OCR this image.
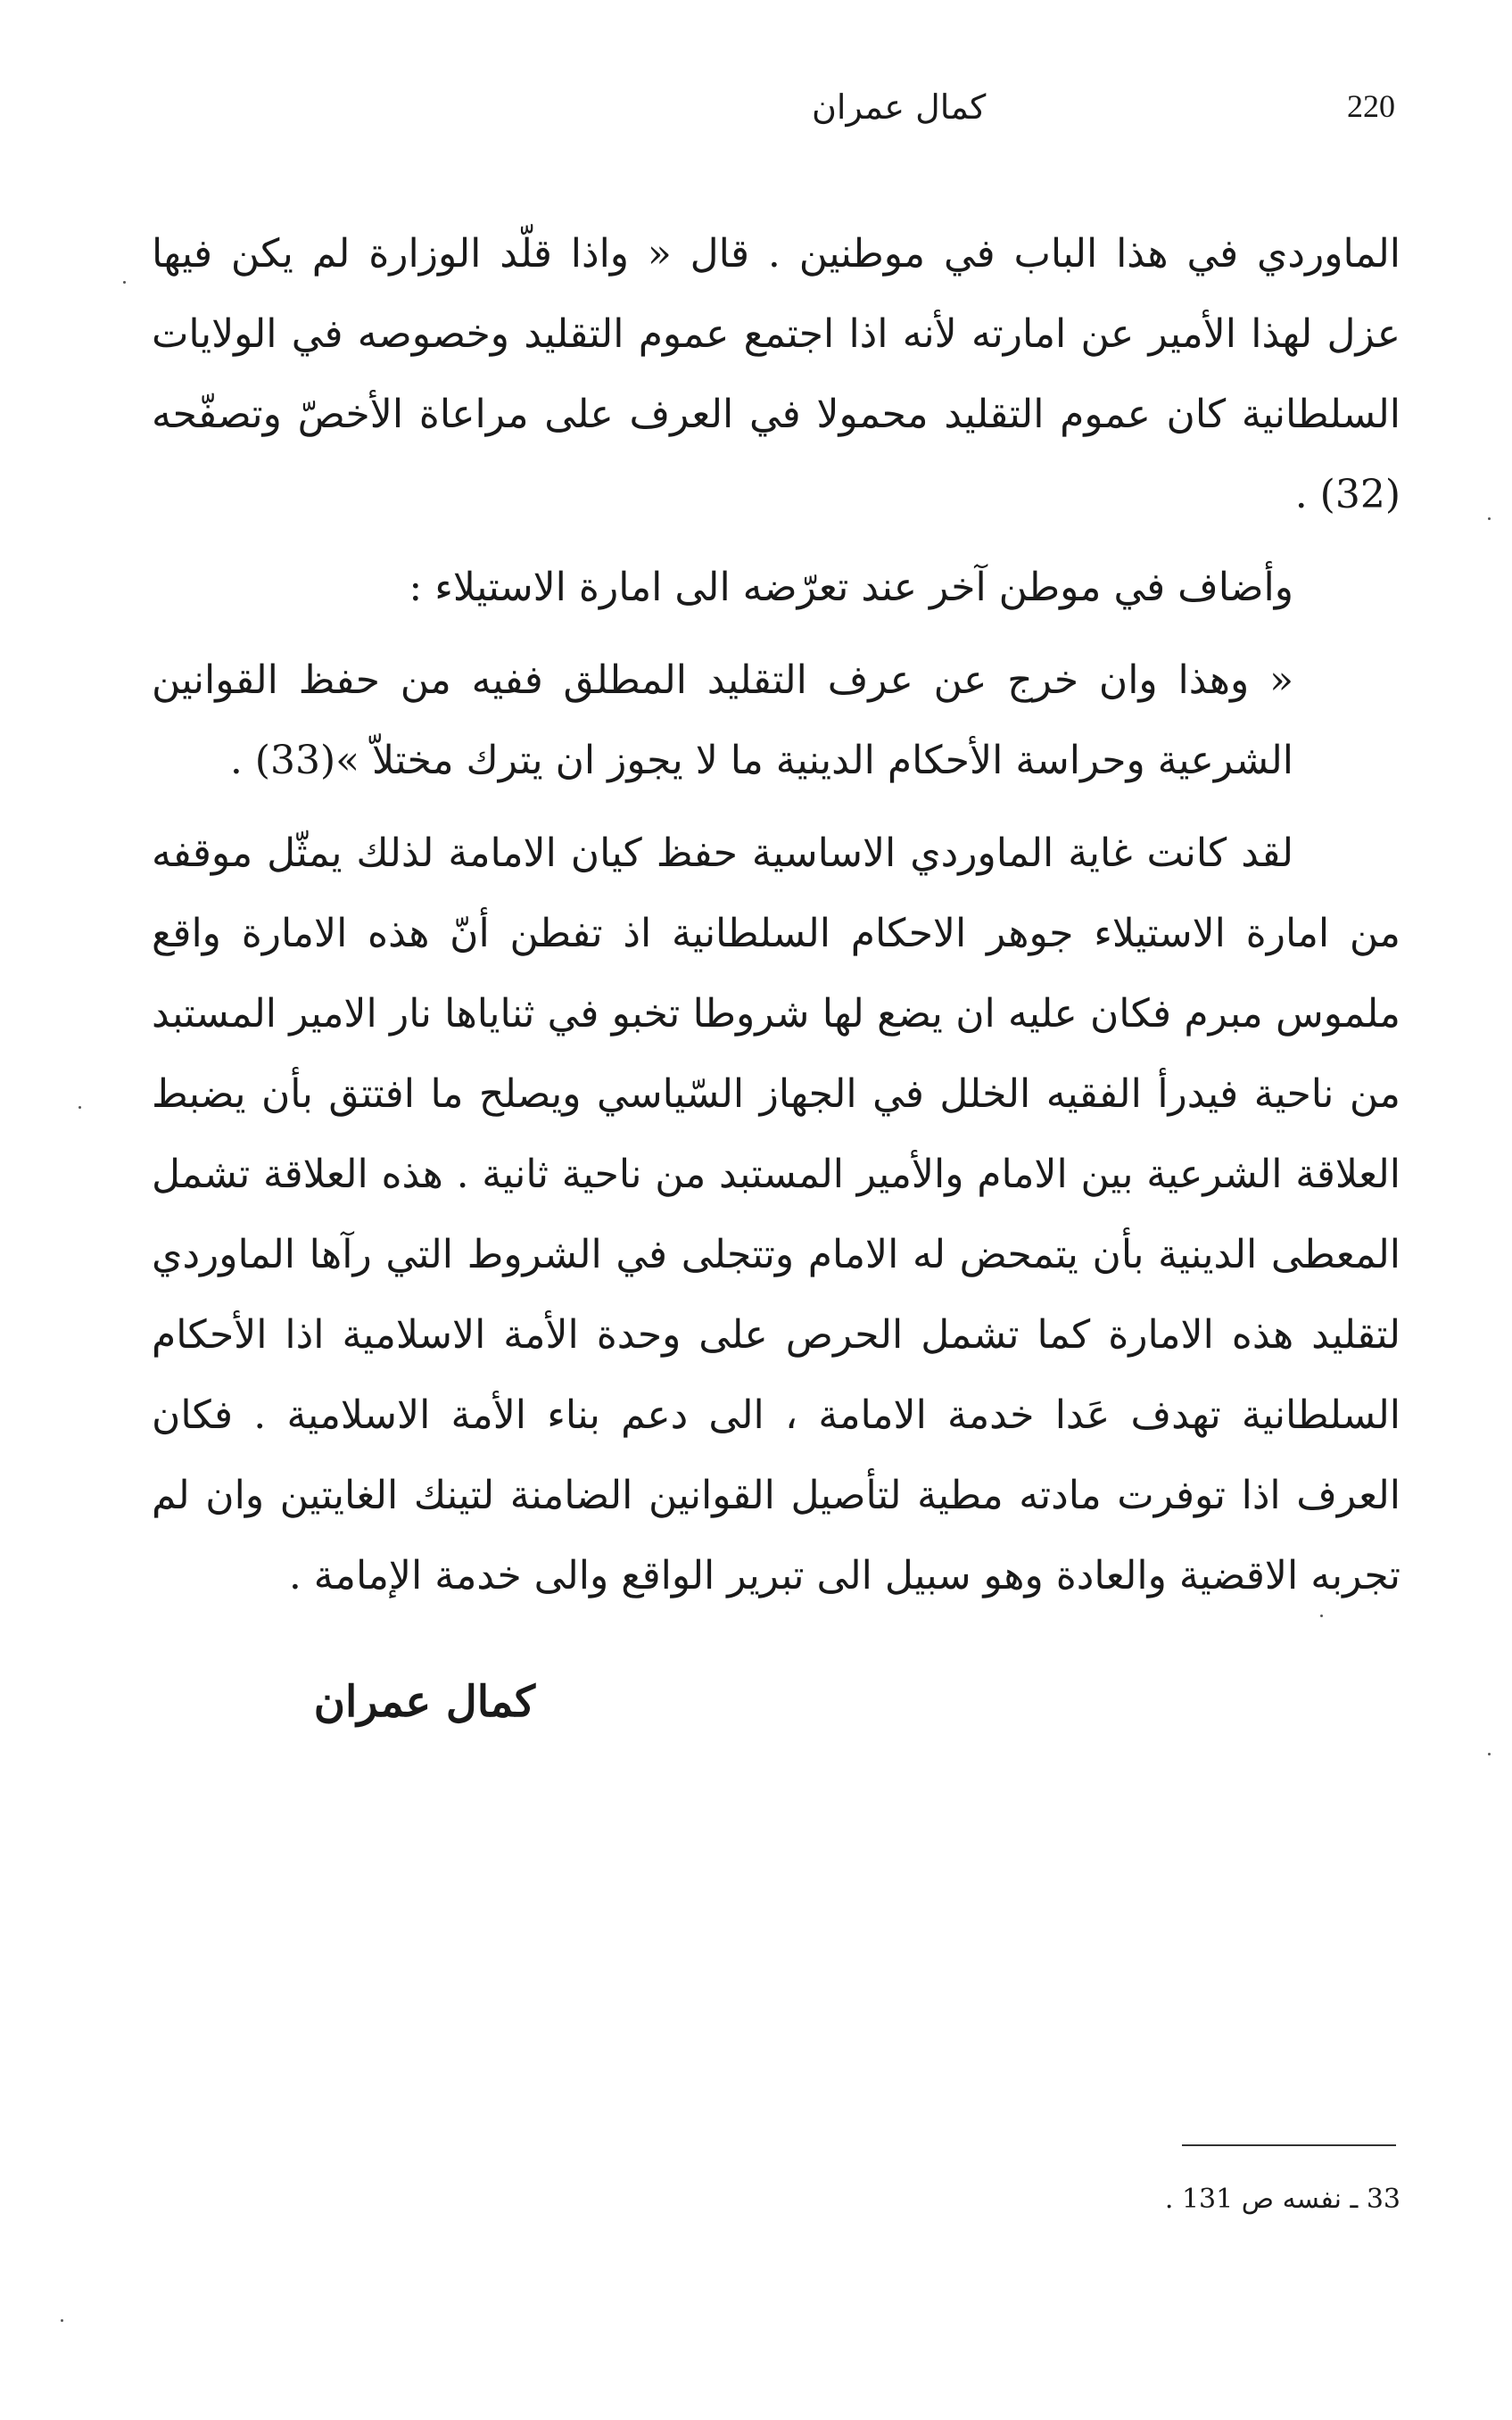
220
كمال عمران

الماوردي في هذا الباب في موطنين . قال « واذا قلّد الوزارة لم يكن فيها عزل لهذا الأمير عن امارته لأنه اذا اجتمع عموم التقليد وخصوصه في الولايات السلطانية كان عموم التقليد محمولا في العرف على مراعاة الأخصّ وتصفّحه (32) .

وأضاف في موطن آخر عند تعرّضه الى امارة الاستيلاء :

« وهذا وان خرج عن عرف التقليد المطلق ففيه من حفظ القوانين الشرعية وحراسة الأحكام الدينية ما لا يجوز ان يترك مختلاّ »(33) .

لقد كانت غاية الماوردي الاساسية حفظ كيان الامامة لذلك يمثّل موقفه من امارة الاستيلاء جوهر الاحكام السلطانية اذ تفطن أنّ هذه الامارة واقع ملموس مبرم فكان عليه ان يضع لها شروطا تخبو في ثناياها نار الامير المستبد من ناحية فيدرأ الفقيه الخلل في الجهاز السّياسي ويصلح ما افتتق بأن يضبط العلاقة الشرعية بين الامام والأمير المستبد من ناحية ثانية . هذه العلاقة تشمل المعطى الدينية بأن يتمحض له الامام وتتجلى في الشروط التي رآها الماوردي لتقليد هذه الامارة كما تشمل الحرص على وحدة الأمة الاسلامية اذا الأحكام السلطانية تهدف عَدا خدمة الامامة ، الى دعم بناء الأمة الاسلامية . فكان العرف اذا توفرت مادته مطية لتأصيل القوانين الضامنة لتينك الغايتين وان لم تجربه الاقضية والعادة وهو سبيل الى تبرير الواقع والى خدمة الإمامة .

كمال عمران
33 ـ نفسه ص 131 .
